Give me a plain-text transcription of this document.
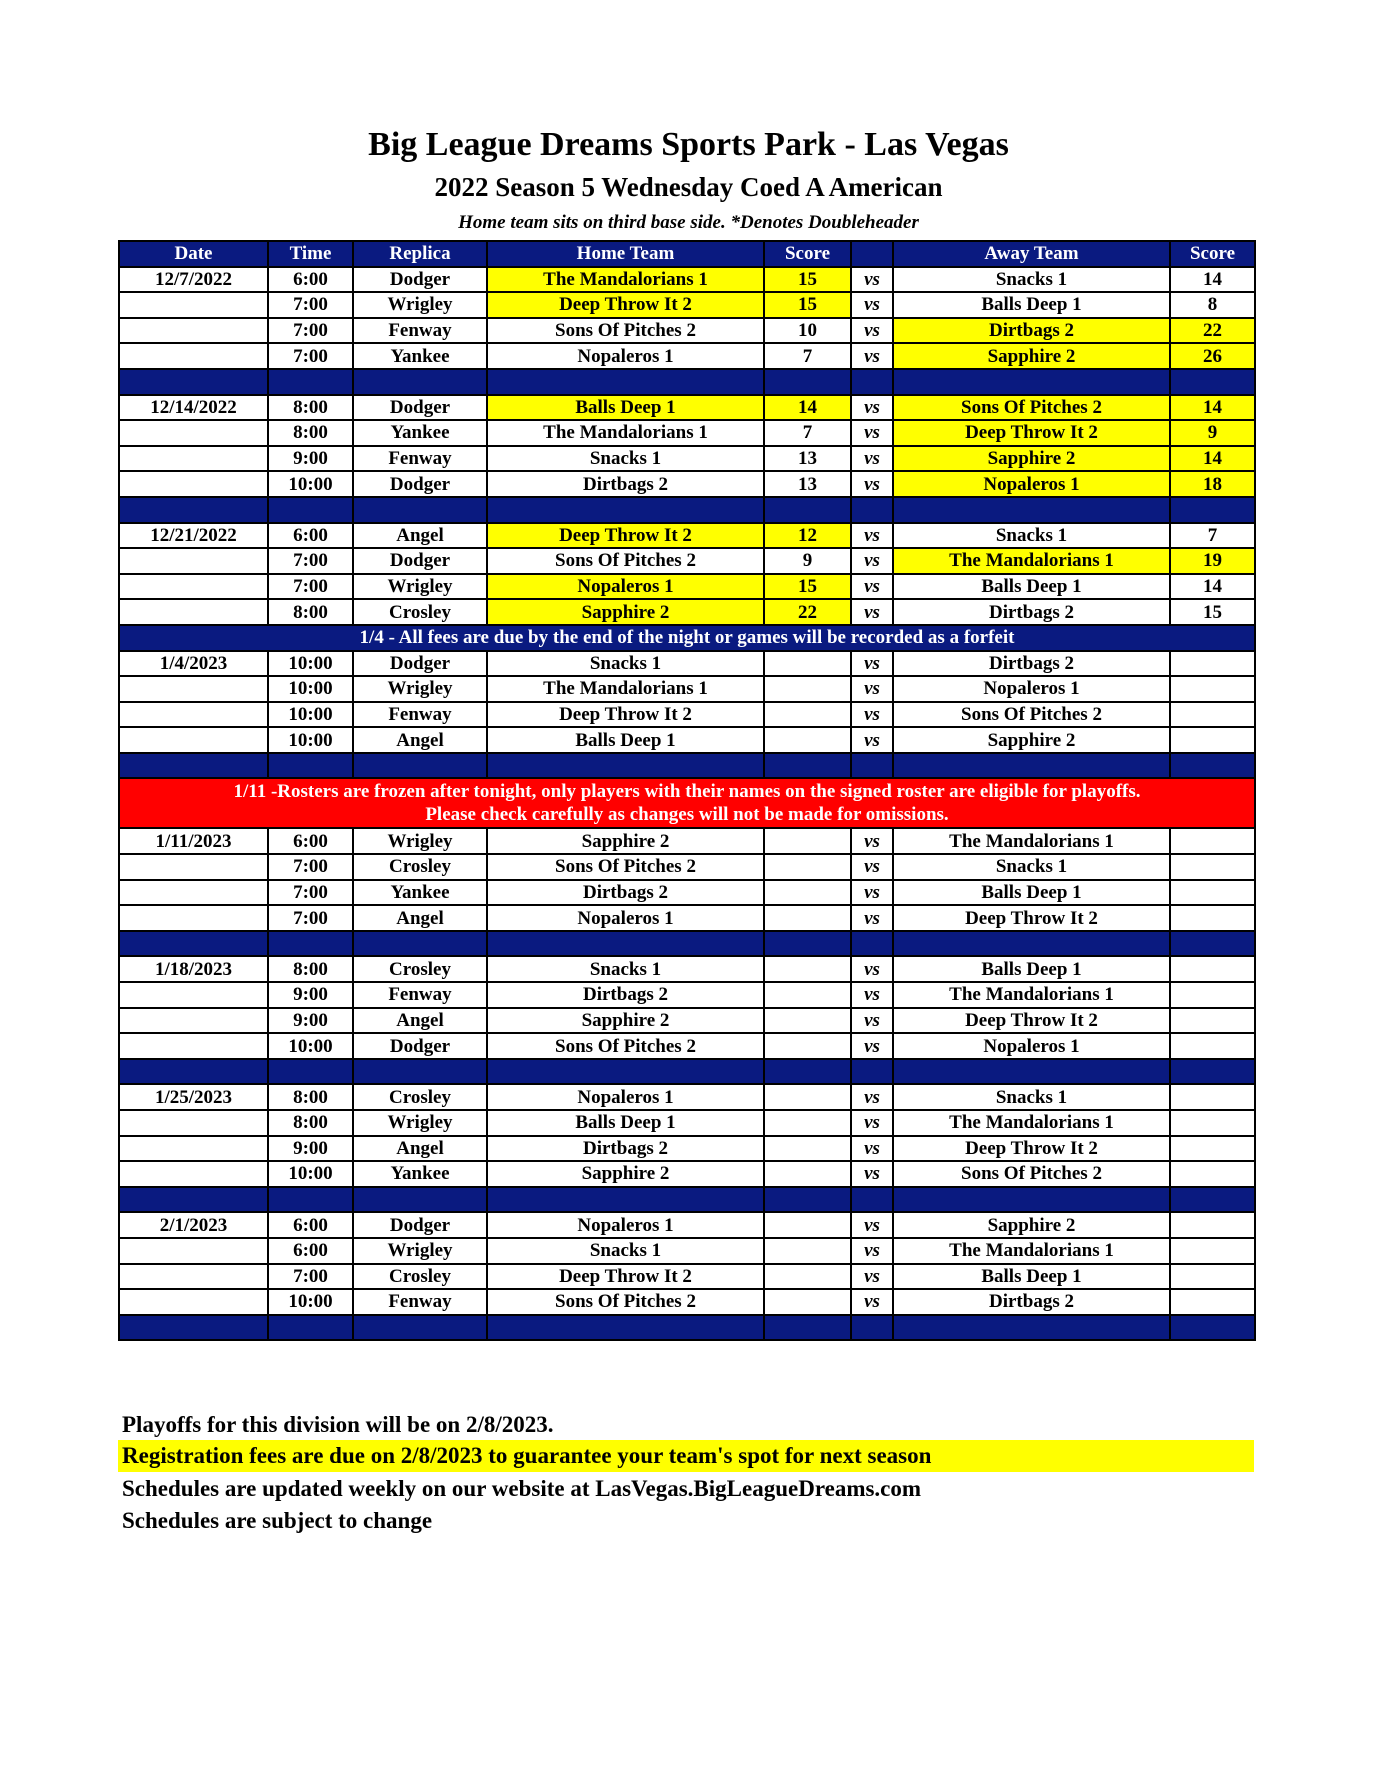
Big League Dreams Sports Park - Las Vegas
2022 Season 5 Wednesday Coed A American
Home team sits on third base side. *Denotes Doubleheader
Date	Time	Replica	Home Team	Score		Away Team	Score
12/7/2022	6:00	Dodger	The Mandalorians 1	15	vs	Snacks 1	14
	7:00	Wrigley	Deep Throw It 2	15	vs	Balls Deep 1	8
	7:00	Fenway	Sons Of Pitches 2	10	vs	Dirtbags 2	22
	7:00	Yankee	Nopaleros 1	7	vs	Sapphire 2	26

12/14/2022	8:00	Dodger	Balls Deep 1	14	vs	Sons Of Pitches 2	14
	8:00	Yankee	The Mandalorians 1	7	vs	Deep Throw It 2	9
	9:00	Fenway	Snacks 1	13	vs	Sapphire 2	14
	10:00	Dodger	Dirtbags 2	13	vs	Nopaleros 1	18

12/21/2022	6:00	Angel	Deep Throw It 2	12	vs	Snacks 1	7
	7:00	Dodger	Sons Of Pitches 2	9	vs	The Mandalorians 1	19
	7:00	Wrigley	Nopaleros 1	15	vs	Balls Deep 1	14
	8:00	Crosley	Sapphire 2	22	vs	Dirtbags 2	15
1/4 - All fees are due by the end of the night or games will be recorded as a forfeit							
1/4/2023	10:00	Dodger	Snacks 1		vs	Dirtbags 2	
	10:00	Wrigley	The Mandalorians 1		vs	Nopaleros 1	
	10:00	Fenway	Deep Throw It 2		vs	Sons Of Pitches 2	
	10:00	Angel	Balls Deep 1		vs	Sapphire 2	

1/11 -Rosters are frozen after tonight, only players with their names on the signed roster are eligible for playoffs.
Please check carefully as changes will not be made for omissions.							
1/11/2023	6:00	Wrigley	Sapphire 2		vs	The Mandalorians 1	
	7:00	Crosley	Sons Of Pitches 2		vs	Snacks 1	
	7:00	Yankee	Dirtbags 2		vs	Balls Deep 1	
	7:00	Angel	Nopaleros 1		vs	Deep Throw It 2	

1/18/2023	8:00	Crosley	Snacks 1		vs	Balls Deep 1	
	9:00	Fenway	Dirtbags 2		vs	The Mandalorians 1	
	9:00	Angel	Sapphire 2		vs	Deep Throw It 2	
	10:00	Dodger	Sons Of Pitches 2		vs	Nopaleros 1	

1/25/2023	8:00	Crosley	Nopaleros 1		vs	Snacks 1	
	8:00	Wrigley	Balls Deep 1		vs	The Mandalorians 1	
	9:00	Angel	Dirtbags 2		vs	Deep Throw It 2	
	10:00	Yankee	Sapphire 2		vs	Sons Of Pitches 2	

2/1/2023	6:00	Dodger	Nopaleros 1		vs	Sapphire 2	
	6:00	Wrigley	Snacks 1		vs	The Mandalorians 1	
	7:00	Crosley	Deep Throw It 2		vs	Balls Deep 1	
	10:00	Fenway	Sons Of Pitches 2		vs	Dirtbags 2	

Playoffs for this division will be on 2/8/2023.
Registration fees are due on 2/8/2023 to guarantee your team's spot for next season
Schedules are updated weekly on our website at LasVegas.BigLeagueDreams.com
Schedules are subject to change
